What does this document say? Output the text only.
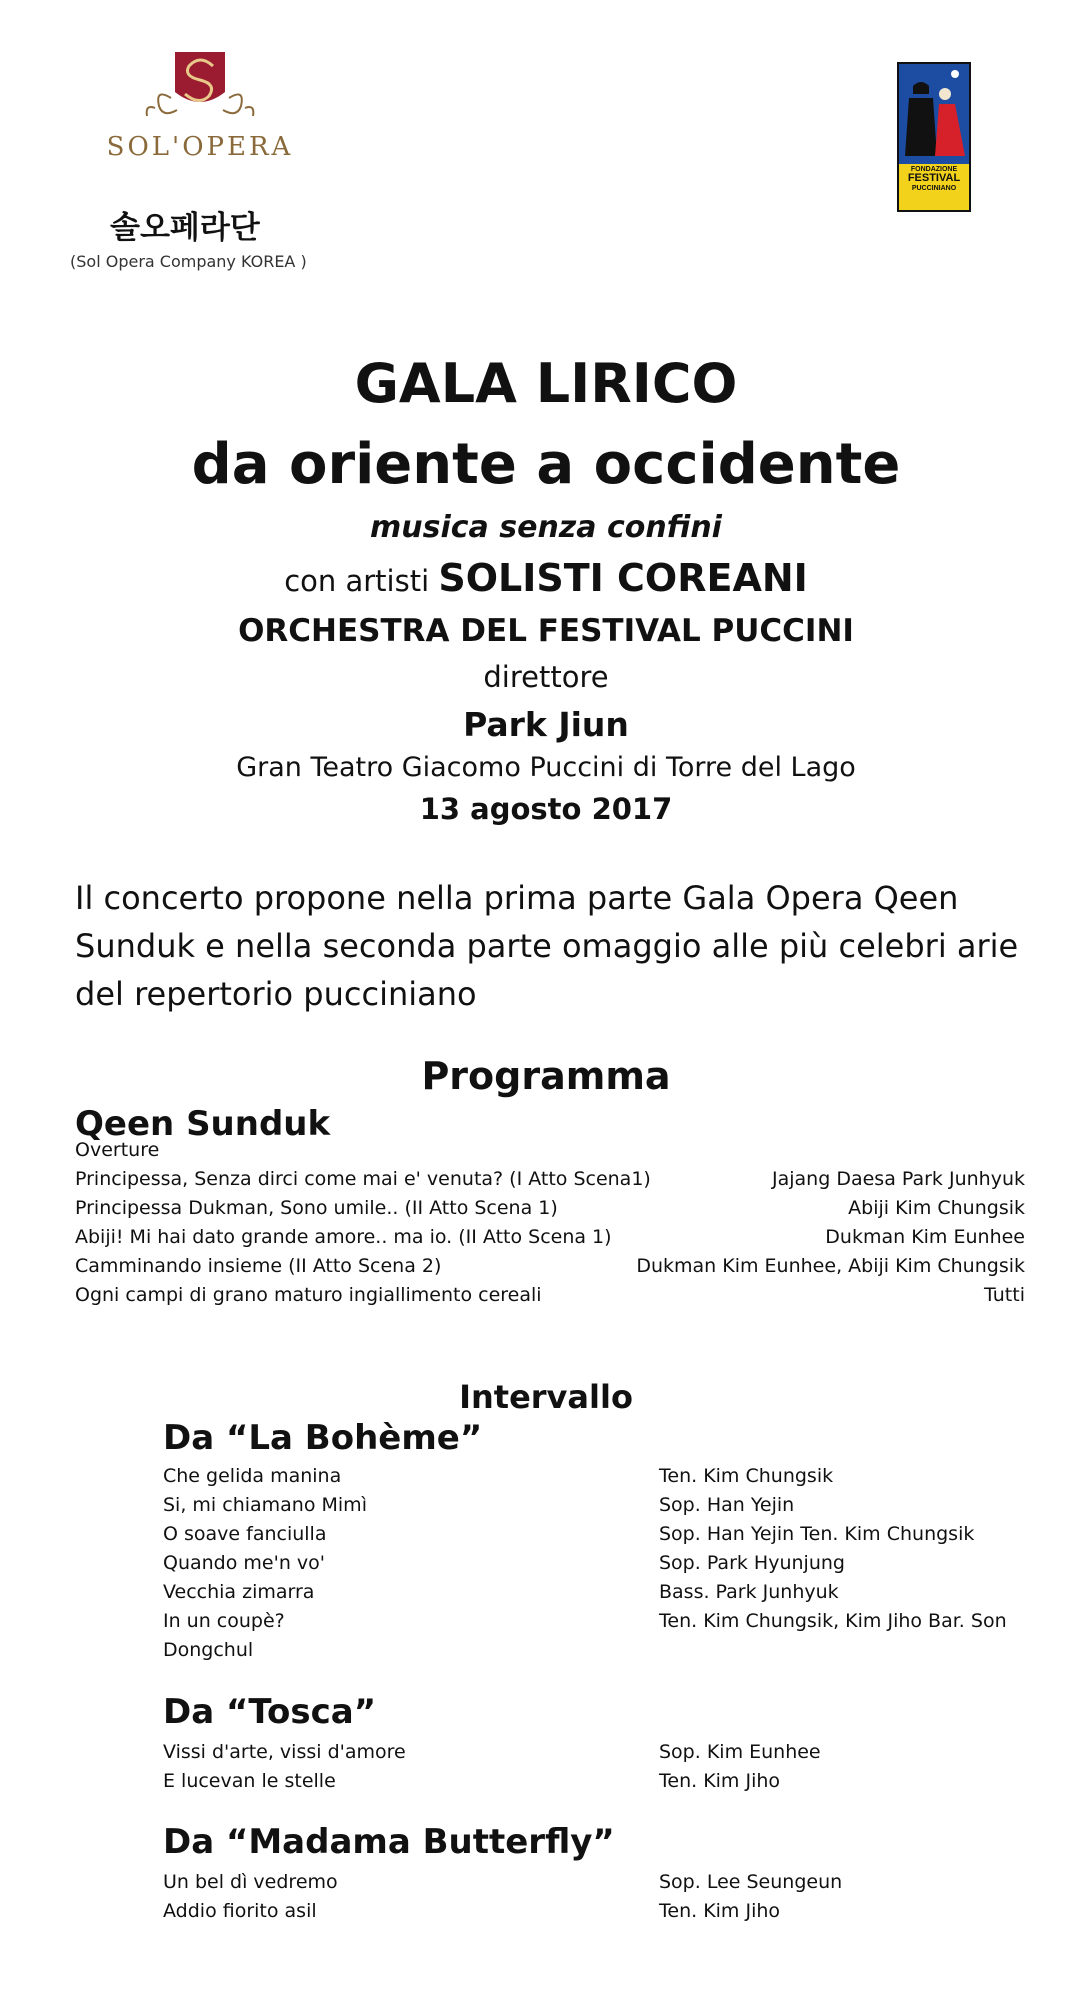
SOL'OPERA
솔오페라단
(Sol Opera Company KOREA )
FONDAZIONE
FESTIVAL
PUCCINIANO
GALA LIRICO
da oriente a occidente
musica senza confini
con artisti SOLISTI COREANI
ORCHESTRA DEL FESTIVAL PUCCINI
direttore
Park Jiun
Gran Teatro Giacomo Puccini di Torre del Lago
13 agosto 2017
Il concerto propone nella prima parte Gala Opera Qeen Sunduk e nella seconda parte omaggio alle più celebri arie del repertorio pucciniano
Programma
Qeen Sunduk
Overture
Principessa, Senza dirci come mai e' venuta? (I Atto Scena1)	Jajang Daesa Park Junhyuk
Principessa Dukman, Sono umile.. (II Atto Scena 1)	Abiji Kim Chungsik
Abiji! Mi hai dato grande amore.. ma io. (II Atto Scena 1)	Dukman Kim Eunhee
Camminando insieme (II Atto Scena 2)	Dukman Kim Eunhee, Abiji Kim Chungsik
Ogni campi di grano maturo ingiallimento cereali	Tutti
Intervallo
Da “La Bohème”
Che gelida manina	Ten. Kim Chungsik
Si, mi chiamano Mimì	Sop. Han Yejin
O soave fanciulla	Sop. Han Yejin Ten. Kim Chungsik
Quando me'n vo'	Sop. Park Hyunjung
Vecchia zimarra	Bass. Park Junhyuk
In un coupè?	Ten. Kim Chungsik, Kim Jiho Bar. Son
Dongchul
Da “Tosca”
Vissi d'arte, vissi d'amore	Sop. Kim Eunhee
E lucevan le stelle	Ten. Kim Jiho
Da “Madama Butterfly”
Un bel dì vedremo	Sop. Lee Seungeun
Addio fiorito asil	Ten. Kim Jiho
